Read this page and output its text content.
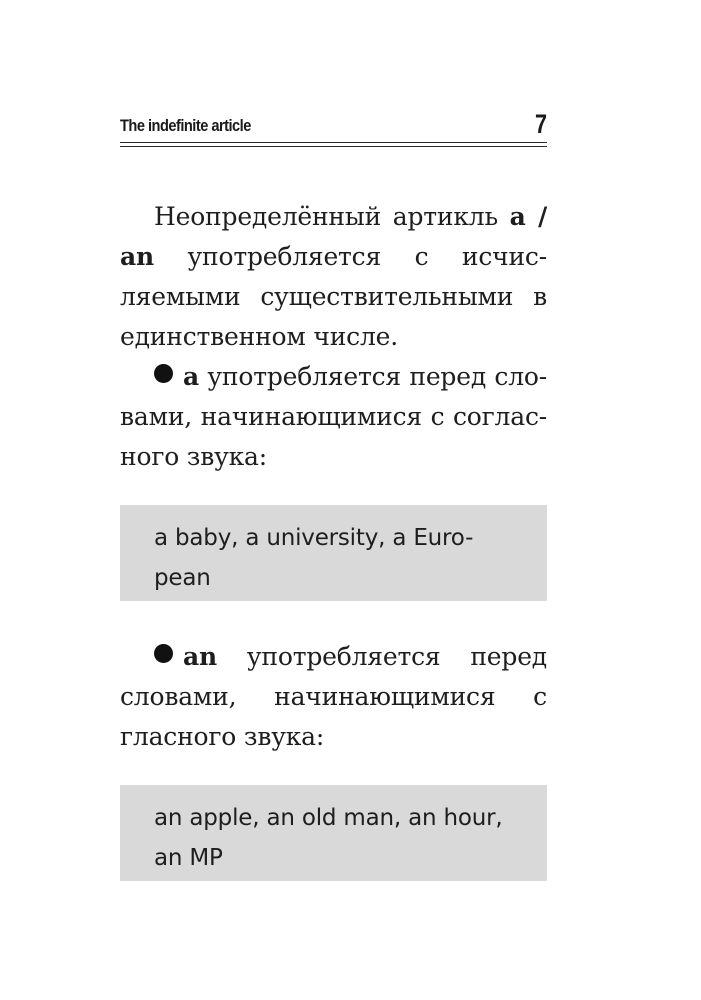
The indefinite article	7

Неопределённый артикль a / an употребляется с исчис- ляемыми существительными в единственном числе.

a употребляется перед сло- вами, начинающимися с соглас- ного звука:

a baby, a university, a Euro-
pean

an употребляется перед словами, начинающимися с гласного звука:

an apple, an old man, an hour,
an MP
